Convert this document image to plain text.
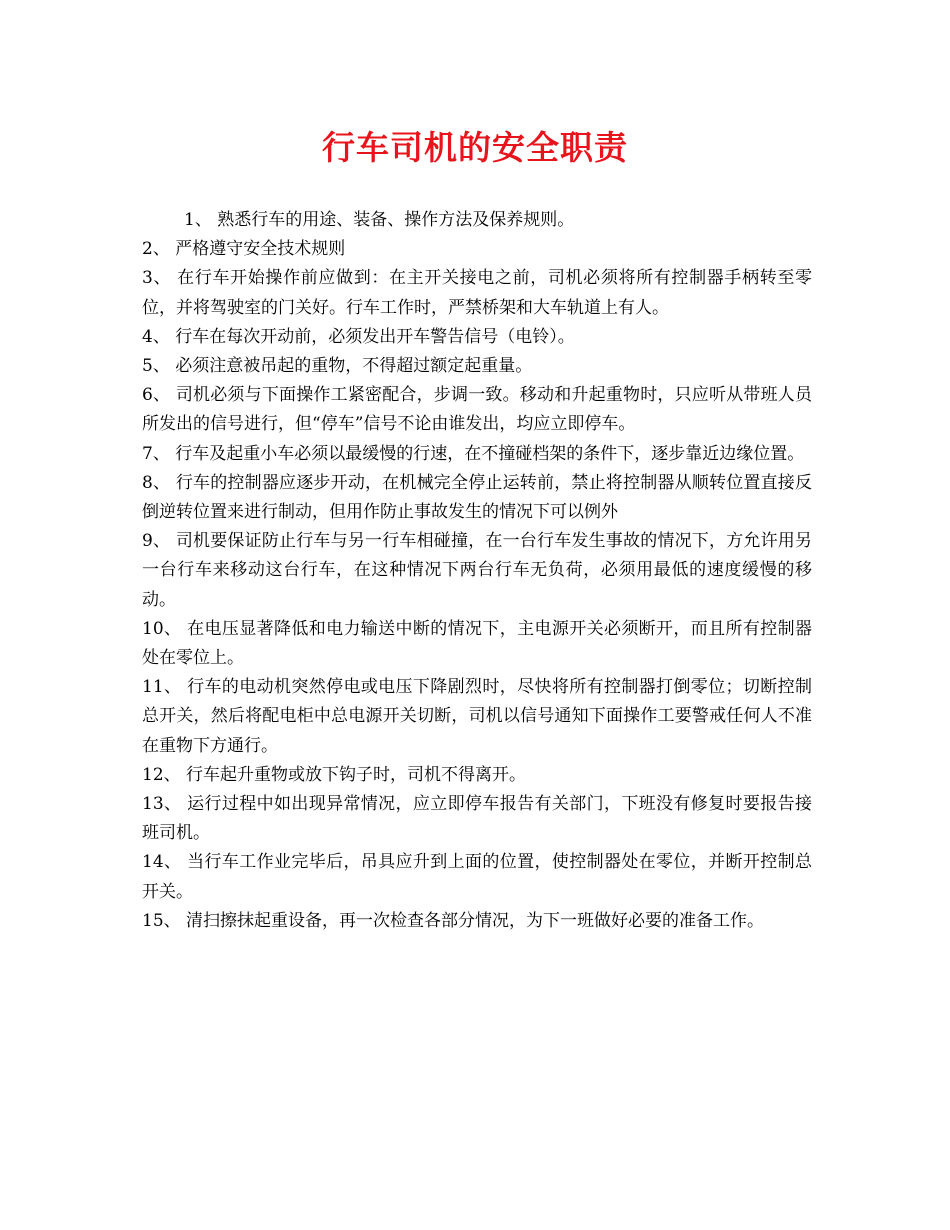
行车司机的安全职责

1、 熟悉行车的用途、装备、操作方法及保养规则。

2、 严格遵守安全技术规则

3、 在行车开始操作前应做到：在主开关接电之前，司机必须将所有控制器手柄转至零位，并将驾驶室的门关好。行车工作时，严禁桥架和大车轨道上有人。

4、 行车在每次开动前，必须发出开车警告信号（电铃）。

5、 必须注意被吊起的重物，不得超过额定起重量。

6、 司机必须与下面操作工紧密配合，步调一致。移动和升起重物时，只应听从带班人员所发出的信号进行，但“停车”信号不论由谁发出，均应立即停车。

7、 行车及起重小车必须以最缓慢的行速，在不撞碰档架的条件下，逐步靠近边缘位置。

8、 行车的控制器应逐步开动，在机械完全停止运转前，禁止将控制器从顺转位置直接反倒逆转位置来进行制动，但用作防止事故发生的情况下可以例外

9、 司机要保证防止行车与另一行车相碰撞，在一台行车发生事故的情况下，方允许用另一台行车来移动这台行车，在这种情况下两台行车无负荷，必须用最低的速度缓慢的移动。

10、 在电压显著降低和电力输送中断的情况下，主电源开关必须断开，而且所有控制器处在零位上。

11、 行车的电动机突然停电或电压下降剧烈时，尽快将所有控制器打倒零位；切断控制总开关，然后将配电柜中总电源开关切断，司机以信号通知下面操作工要警戒任何人不准在重物下方通行。

12、 行车起升重物或放下钩子时，司机不得离开。

13、 运行过程中如出现异常情况，应立即停车报告有关部门，下班没有修复时要报告接班司机。

14、 当行车工作业完毕后，吊具应升到上面的位置，使控制器处在零位，并断开控制总开关。

15、 清扫擦抹起重设备，再一次检查各部分情况，为下一班做好必要的准备工作。
